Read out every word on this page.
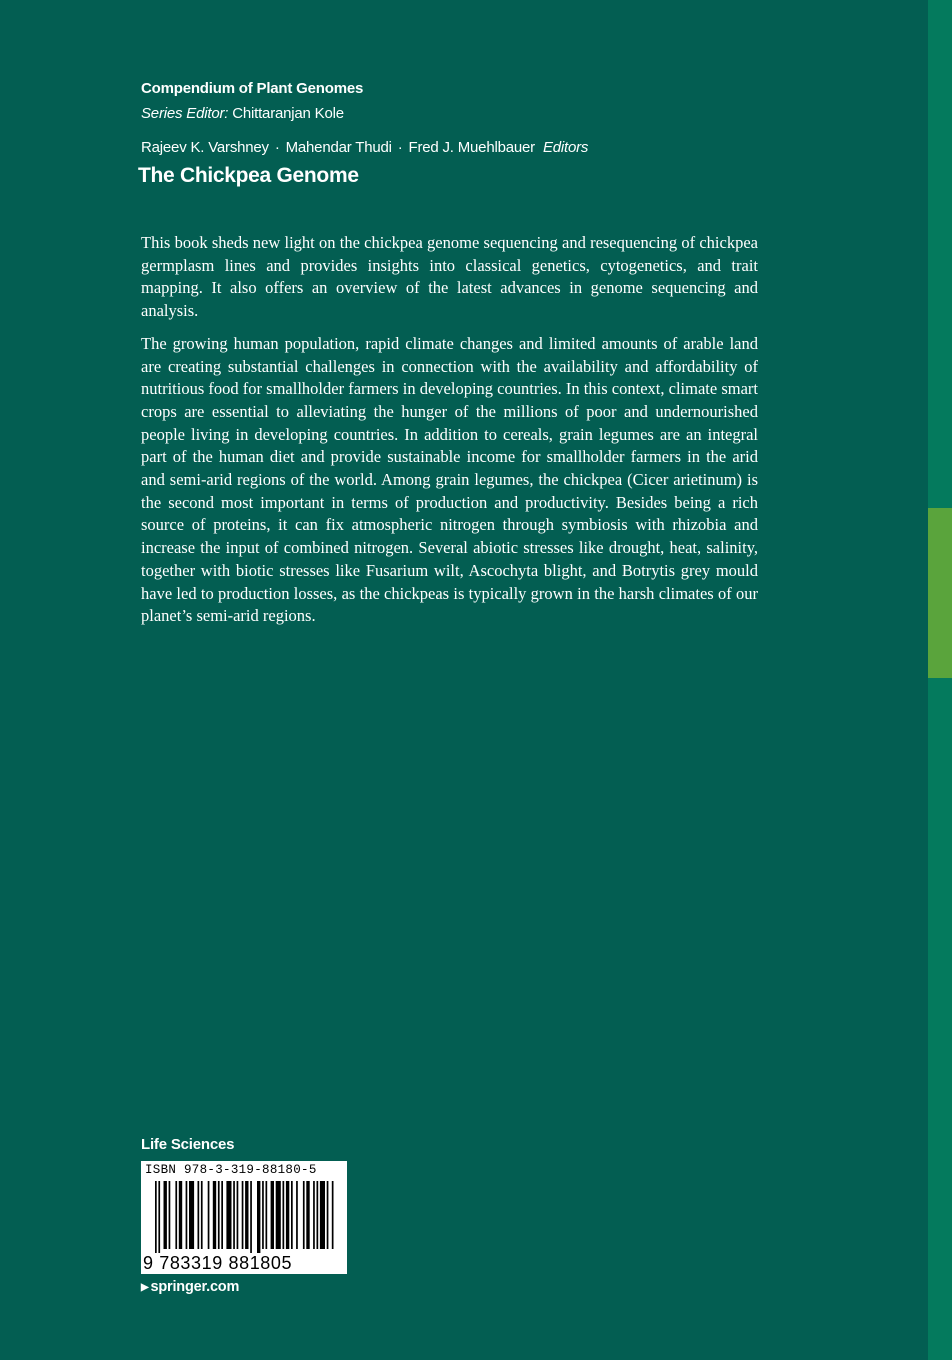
Compendium of Plant Genomes
Series Editor: Chittaranjan Kole
Rajeev K. Varshney · Mahendar Thudi · Fred J. Muehlbauer Editors
The Chickpea Genome

This book sheds new light on the chickpea genome sequencing and resequencing of chickpea germplasm lines and provides insights into classical genetics, cytogenetics, and trait mapping. It also offers an overview of the latest advances in genome sequencing and analysis.

The growing human population, rapid climate changes and limited amounts of arable land are creating substantial challenges in connection with the availability and affordability of nutritious food for smallholder farmers in developing countries. In this context, climate smart crops are essential to alleviating the hunger of the millions of poor and undernourished people living in developing countries. In addition to cereals, grain legumes are an integral part of the human diet and provide sustainable income for smallholder farmers in the arid and semi-arid regions of the world. Among grain legumes, the chickpea (Cicer arietinum) is the second most important in terms of production and productivity. Besides being a rich source of proteins, it can fix atmospheric nitrogen through symbiosis with rhizobia and increase the input of combined nitrogen. Several abiotic stresses like drought, heat, salinity, together with biotic stresses like Fusarium wilt, Ascochyta blight, and Botrytis grey mould have led to production losses, as the chickpeas is typically grown in the harsh climates of our planet’s semi-arid regions.

Life Sciences
ISBN 978-3-319-88180-5
9 783319 881805
▶ springer.com
